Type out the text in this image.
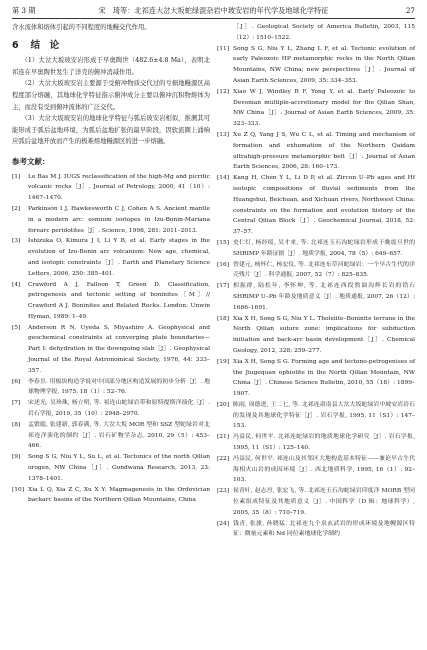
第 3 期	宋　琦等：北祁连大岔大坂蛇绿混杂岩中玻安岩的年代学及地球化学特征	27

含水流体和熔体引起的不同程度的地幔交代作用。

6 结　论

（1）大岔大坂玻安岩形成于早奥陶世（482.6±4.8 Ma），表明北祁连在早奥陶世发生了洋壳的俯冲消减作用。

（2）大岔大坂玻安岩主要源于受俯冲物质交代过的亏损地幔源区高程度部分熔融，其地球化学特征指示俯冲成分主要以俯冲沉积物熔体为主，而没有受到俯冲流体的广泛交代。

（3）大岔大坂玻安岩的地球化学特征与弧后玻安岩相似，推测其可能形成于弧后盆地环境，为弧后盆地扩张的最早阶段，因软流圈上涌响应弧后盆地开放而产生的极难熔地幔源区的进一步熔融。

参考文献：
[1]	Le Bas M J. IUGS reclassification of the high-Mg and picritic volcanic rocks［J］. Journal of Petrology, 2000, 41（10）: 1467–1470.
[2]	Parkinson I J, Hawkesworth C J, Cohen A S. Ancient mantle in a modern arc: osmium isotopes in Izu-Bonin-Mariana forearc peridotites［J］. Science, 1998, 281: 2011–2013.
[3]	Ishizuka O, Kimura J I, Li Y B, et al. Early stages in the evolution of Izu-Bonin arc volcanism: New age, chemical, and isotopic constraints［J］. Earth and Planetary Science Letters, 2006, 250: 385–401.
[4]	Crawford A J, Falloon T, Green D. Classification, petrogenesis and tectonic setting of boninites［M］// Crawford A J. Boninites and Related Rocks. London: Unwin Hyman, 1989: 1–49.
[5]	Anderson R N, Uyeda S, Miyashiro A. Geophysical and geochemical constraints at converging plate boundaries—Part I: dehydration in the downgoing slab［J］. Geophysical Journal of the Royal Astronomical Society, 1976, 44: 333–357.
[6]	李春昱. 用板块构造学说对中国部分地区构造发展的初步分析［J］. 地球物理学报, 1975, 18（1）: 52–76.
[7]	宋述光, 吴珍珠, 杨立明, 等. 祁连山蛇绿岩带和原特提斯洋演化［J］. 岩石学报, 2019, 35（10）: 2948–2970.
[8]	孟繁聪, 张建新, 郭春满, 等. 大岔大坂 MOR 型和 SSZ 型蛇绿岩对北祁连洋演化的制约［J］. 岩石矿物学杂志, 2010, 29（5）: 453–466.
[9]	Song S G, Niu Y L, Su L, et al. Tectonics of the north Qilian orogen, NW China［J］. Gondwana Research, 2013, 23: 1378–1401.
[10] Xia L Q, Xia Z C, Xu X Y. Magmagenesis in the Ordovician backarc basins of the Northern Qilian Mountains, China
［J］. Geological Society of America Bulletin, 2003, 115（12）: 1510–1522.
[11] Song S G, Niu Y L, Zhang L F, et al. Tectonic evolution of early Paleozoic HP metamorphic rocks in the North Qilian Mountains, NW China; new perspectives［J］. Journal of Asian Earth Sciences, 2009, 35: 334–353.
[12] Xiao W J, Windley B F, Yong Y, et al. Early Paleozoic to Devonian multiple-accretionary model for the Qilian Shan, NW China［J］. Journal of Asian Earth Sciences, 2009, 35: 323–333.
[13] Xu Z Q, Yang J S, Wu C L, et al. Timing and mechanism of formation and exhumation of the Northern Qaidam ultrahigh-pressure metamorphic belt［J］. Journal of Asian Earth Sciences, 2006, 28: 160–173.
[14] Kang H, Chen Y L, Li D P, et al. Zircon U–Pb ages and Hf isotopic compositions of fluvial sediments from the Huangshui, Beichuan, and Xichuan rivers, Northwest China: constraints on the formation and evolution history of the Central Qilian Block［J］. Geochemical Journal, 2018, 52: 37–57.
[15] 史仁灯, 杨经绥, 吴才来, 等. 北祁连玉石沟蛇绿岩形成于晚震旦世的 SHRIMP 年龄证据［J］. 地质学报, 2004, 78（5）: 649–657.
[16] 曾建元, 杨怀仁, 杨宏仪, 等. 北祁连东草河蛇绿岩：一个早古生代的洋壳残片［J］. 科学通报, 2007, 52（7）: 825–835.
[17] 相振群, 陆松年, 李怀坤, 等. 北祁连西段熬油沟辉长岩的锆石 SHRIMP U–Pb 年龄及地质意义［J］. 地质通报, 2007, 26（12）: 1686–1691.
[18] Xia X H, Song S G, Niu Y L. Tholeiite–Boninite terrane in the North Qilian suture zone: implications for subduction initiation and back-arc basin development［J］. Chemical Geology, 2012, 328: 259–277.
[19] Xia X H, Song S G. Forming age and tectono-petrogenises of the Jiugequan ophiolite in the North Qilian Mountain, NW China［J］. Chinese Science Bulletin, 2010, 55（18）: 1899–1907.
[20] 陈雨, 周德进, 王二七, 等. 北祁连肃南县大岔大坂蛇绿岩中玻安岩岩石的发现及其地球化学特征［J］. 岩石学报, 1995, 11（S1）: 147–153.
[21] 冯益民, 何世平. 北祁连蛇绿岩的地质地球化学研究［J］. 岩石学报, 1995, 11（S1）: 125–140.
[22] 冯益民, 何世平. 祁连山及其邻区大地构造基本特征——兼论早古生代海相火山岩的成因环境［J］. 西北地质科学, 1995, 16（1）: 92–103.
[23] 侯青叶, 赵志丹, 张宏飞, 等. 北祁连玉石沟蛇绿岩印度洋 MORB 型同位素组成特征及其地质意义［J］. 中国科学（D 辑：地球科学）, 2005, 35（8）: 710–719.
[24] 钱青, 张旗, 孙晓猛. 北祁连九个泉玄武岩的形成环境及地幔源区特征：微量元素和 Nd 同位素地球化学制约
